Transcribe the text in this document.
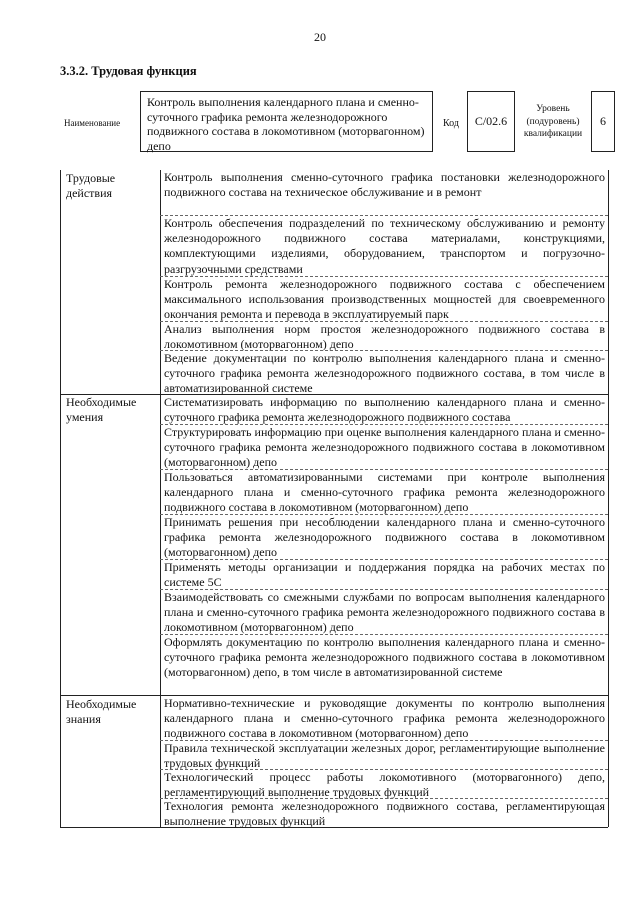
20
3.3.2. Трудовая функция
Наименование
Контроль выполнения календарного плана и сменно-суточного графика ремонта железнодорожного подвижного состава в локомотивном (моторвагонном) депо
Код	С/02.6
Уровень (подуровень) квалификации
6
Трудовые действия
Контроль выполнения сменно-суточного графика постановки железнодорожного подвижного состава на техническое обслуживание и в ремонт
Контроль обеспечения подразделений по техническому обслуживанию и ремонту железнодорожного подвижного состава материалами, конструкциями, комплектующими изделиями, оборудованием, транспортом и погрузочно-разгрузочными средствами
Контроль ремонта железнодорожного подвижного состава с обеспечением максимального использования производственных мощностей для своевременного окончания ремонта и перевода в эксплуатируемый парк
Анализ выполнения норм простоя железнодорожного подвижного состава в локомотивном (моторвагонном) депо
Ведение документации по контролю выполнения календарного плана и сменно-суточного графика ремонта железнодорожного подвижного состава, в том числе в автоматизированной системе
Необходимые умения
Систематизировать информацию по выполнению календарного плана и сменно-суточного графика ремонта железнодорожного подвижного состава
Структурировать информацию при оценке выполнения календарного плана и сменно-суточного графика ремонта железнодорожного подвижного состава в локомотивном (моторвагонном) депо
Пользоваться автоматизированными системами при контроле выполнения календарного плана и сменно-суточного графика ремонта железнодорожного подвижного состава в локомотивном (моторвагонном) депо
Принимать решения при несоблюдении календарного плана и сменно-суточного графика ремонта железнодорожного подвижного состава в локомотивном (моторвагонном) депо
Применять методы организации и поддержания порядка на рабочих местах по системе 5С
Взаимодействовать со смежными службами по вопросам выполнения календарного плана и сменно-суточного графика ремонта железнодорожного подвижного состава в локомотивном (моторвагонном) депо
Оформлять документацию по контролю выполнения календарного плана и сменно-суточного графика ремонта железнодорожного подвижного состава в локомотивном (моторвагонном) депо, в том числе в автоматизированной системе
Необходимые знания
Нормативно-технические и руководящие документы по контролю выполнения календарного плана и сменно-суточного графика ремонта железнодорожного подвижного состава в локомотивном (моторвагонном) депо
Правила технической эксплуатации железных дорог, регламентирующие выполнение трудовых функций
Технологический процесс работы локомотивного (моторвагонного) депо, регламентирующий выполнение трудовых функций
Технология ремонта железнодорожного подвижного состава, регламентирующая выполнение трудовых функций
